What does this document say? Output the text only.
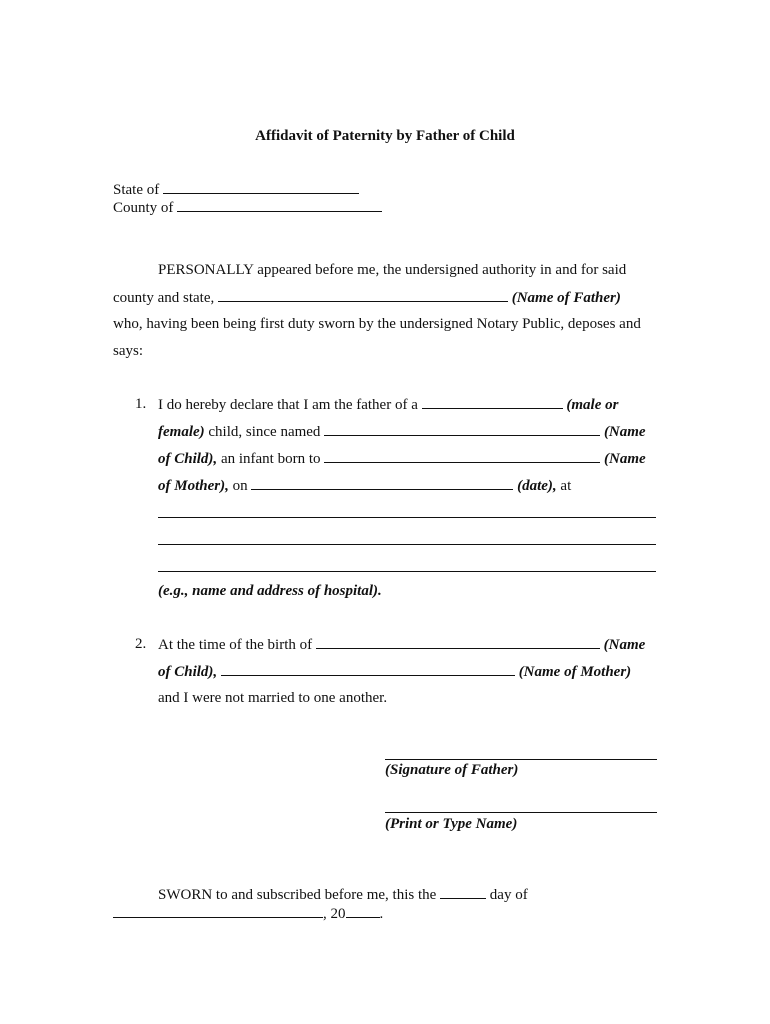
Affidavit of Paternity by Father of Child
State of
County of
PERSONALLY appeared before me, the undersigned authority in and for said
county and state,	(Name of Father)
who, having been being first duty sworn by the undersigned Notary Public, deposes and
says:
1. I do hereby declare that I am the father of a	(male or
female) child, since named	(Name
of Child), an infant born to	(Name
of Mother), on	(date), at
(e.g., name and address of hospital).
2. At the time of the birth of	(Name
of Child),	(Name of Mother)
and I were not married to one another.
(Signature of Father)
(Print or Type Name)
SWORN to and subscribed before me, this the	day of
, 20 .
